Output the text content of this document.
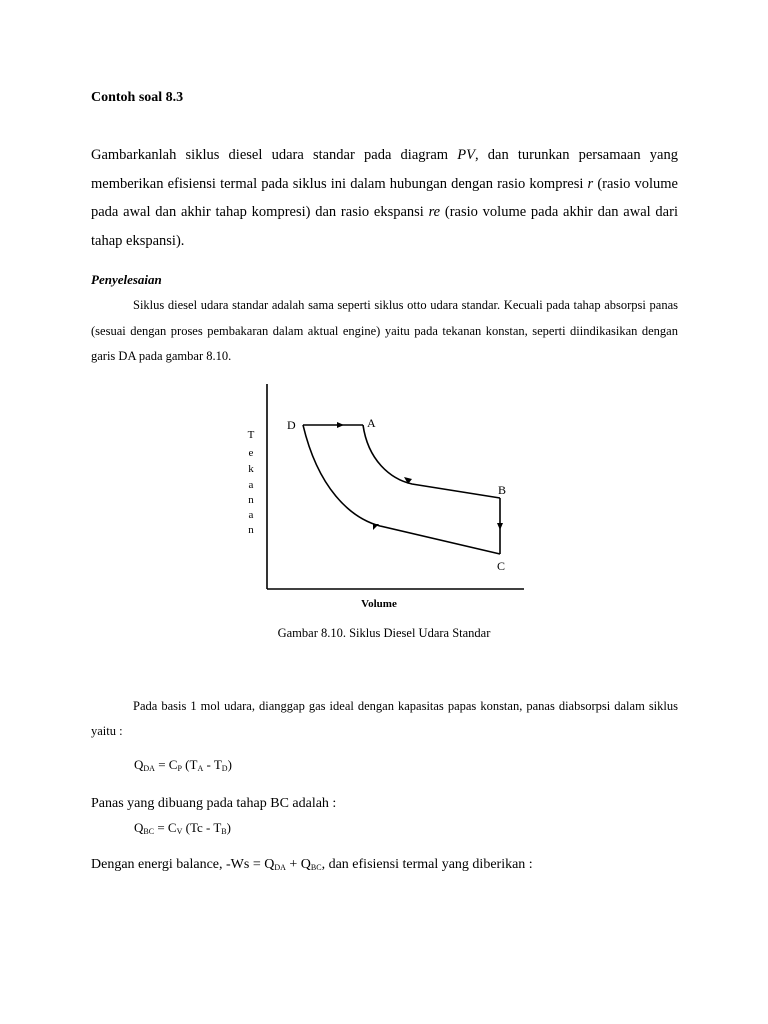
Contoh soal 8.3
Gambarkanlah siklus diesel udara standar pada diagram PV, dan turunkan persamaan yang memberikan efisiensi termal pada siklus ini dalam hubungan dengan rasio kompresi r (rasio volume pada awal dan akhir tahap kompresi) dan rasio ekspansi re (rasio volume pada akhir dan awal dari tahap ekspansi).
Penyelesaian
Siklus diesel udara standar adalah sama seperti siklus otto udara standar. Kecuali pada tahap absorpsi panas (sesuai dengan proses pembakaran dalam aktual engine) yaitu pada tekanan konstan, seperti diindikasikan dengan garis DA pada gambar 8.10.
T
e
k
a
n
a
n
Volume
D	A
B
C
Gambar 8.10. Siklus Diesel Udara Standar
Pada basis 1 mol udara, dianggap gas ideal dengan kapasitas papas konstan, panas diabsorpsi dalam siklus yaitu :
$Q_{DA} = C_P$ $(T_A - T_D)$
Panas yang dibuang pada tahap BC adalah :
$Q_{BC} = C_V$ $(Tc - T_B)$
Dengan energi balance, $-Ws = Q_{DA} + Q_{BC}$, dan efisiensi termal yang diberikan :
